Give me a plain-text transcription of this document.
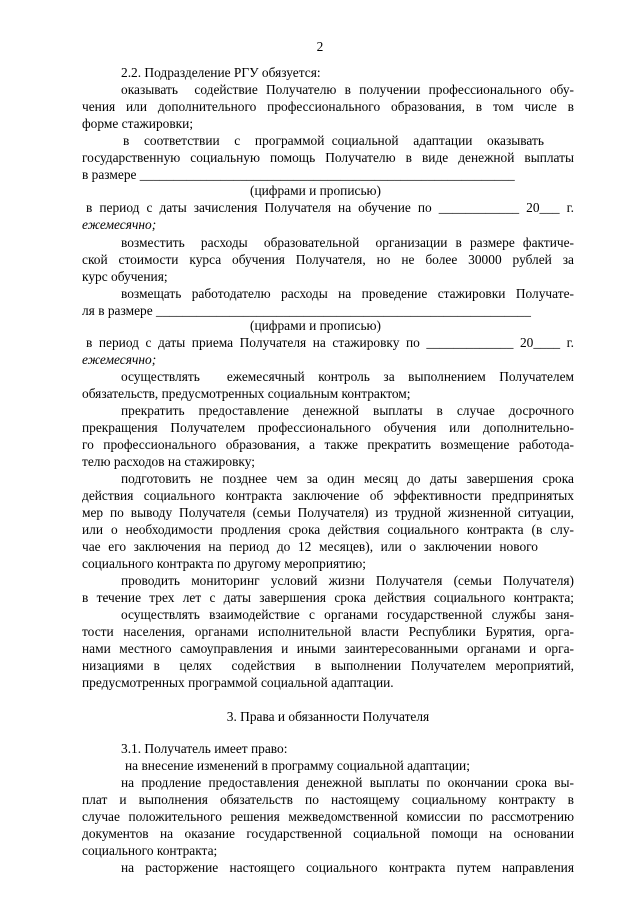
2
2.2. Подразделение РГУ обязуется:
оказывать  содействие Получателю в получении профессионального обу-
чения или дополнительного профессионального образования, в том числе в
форме стажировки;
в  соответствии  с  программой социальной  адаптации  оказывать
государственную социальную помощь Получателю в виде денежной выплаты
в размере ________________________________________________________
(цифрами и прописью)
в период с даты зачисления Получателя на обучение по ____________ 20___ г.
ежемесячно;
возместить  расходы  образовательной  организации в размере фактиче-
ской стоимости курса обучения Получателя, но не более 30000 рублей за
курс обучения;
возмещать работодателю расходы на проведение стажировки Получате-
ля в размере ________________________________________________________
(цифрами и прописью)
в период с даты приема Получателя на стажировку по _____________ 20____ г.
ежемесячно;
осуществлять  ежемесячный контроль за выполнением Получателем
обязательств, предусмотренных социальным контрактом;
прекратить предоставление денежной выплаты в случае досрочного
прекращения Получателем профессионального обучения или дополнительно-
го профессионального образования, а также прекратить возмещение работода-
телю расходов на стажировку;
подготовить не позднее чем за один месяц до даты завершения срока
действия социального контракта заключение об эффективности предпринятых
мер по выводу Получателя (семьи Получателя) из трудной жизненной ситуации,
или о необходимости продления срока действия социального контракта (в слу-
чае его заключения на период до 12 месяцев), или о заключении нового
социального контракта по другому мероприятию;
проводить мониторинг условий жизни Получателя (семьи Получателя)
в течение трех лет с даты завершения срока действия социального контракта;
осуществлять взаимодействие с органами государственной службы заня-
тости населения, органами исполнительной власти Республики Бурятия, орга-
нами местного самоуправления и иными заинтересованными органами и орга-
низациями в  целях  содействия  в выполнении Получателем мероприятий,
предусмотренных программой социальной адаптации.
3. Права и обязанности Получателя
3.1. Получатель имеет право:
на внесение изменений в программу социальной адаптации;
на продление предоставления денежной выплаты по окончании срока вы-
плат и выполнения обязательств по настоящему социальному контракту в
случае положительного решения межведомственной комиссии по рассмотрению
документов на оказание государственной социальной помощи на основании
социального контракта;
на расторжение настоящего социального контракта путем направления
